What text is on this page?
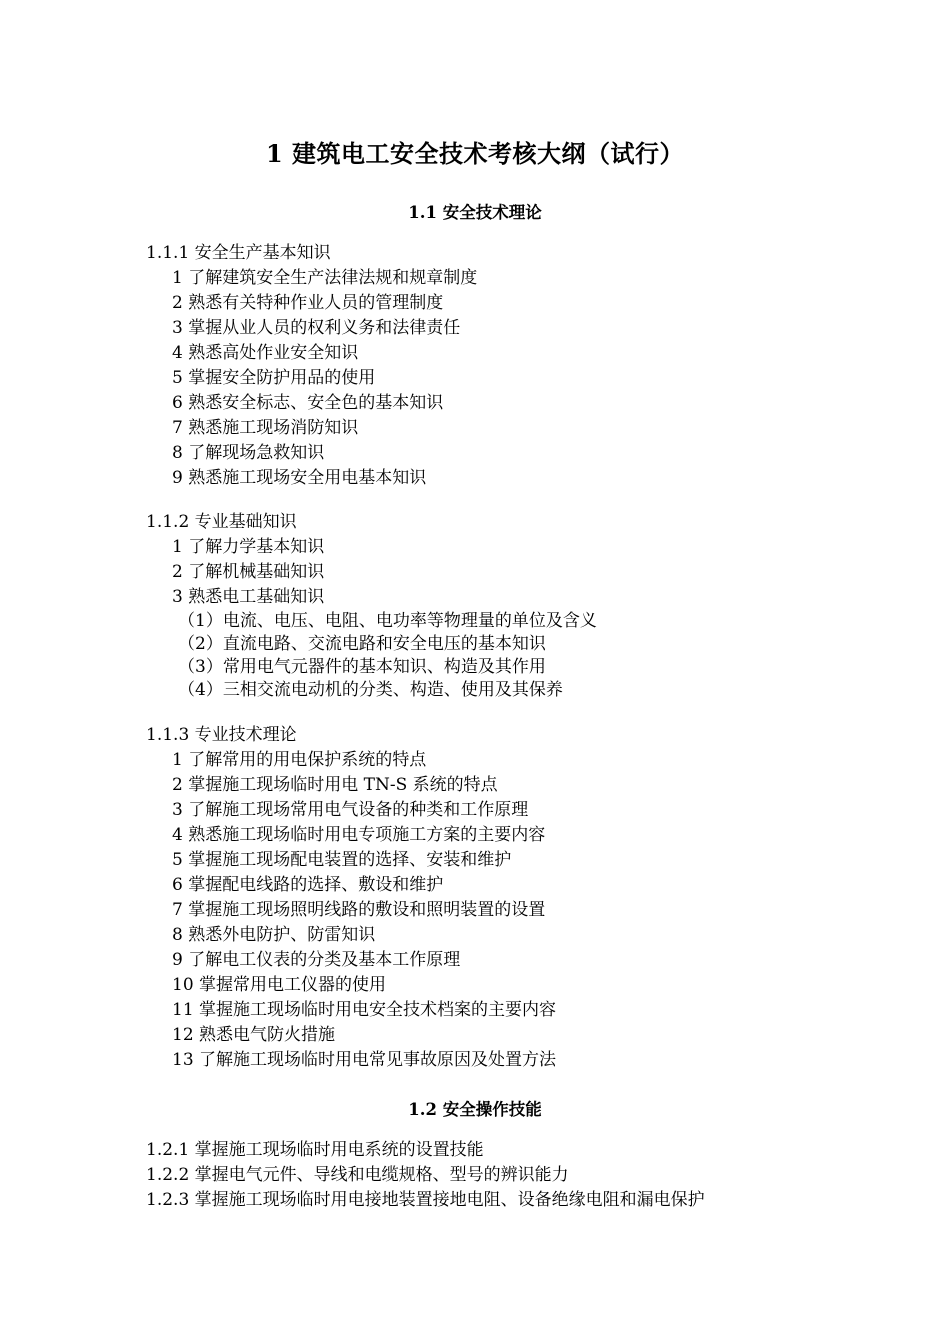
1 建筑电工安全技术考核大纲（试行）
1.1 安全技术理论
1.1.1 安全生产基本知识
1 了解建筑安全生产法律法规和规章制度
2 熟悉有关特种作业人员的管理制度
3 掌握从业人员的权利义务和法律责任
4 熟悉高处作业安全知识
5 掌握安全防护用品的使用
6 熟悉安全标志、安全色的基本知识
7 熟悉施工现场消防知识
8 了解现场急救知识
9 熟悉施工现场安全用电基本知识
1.1.2 专业基础知识
1 了解力学基本知识
2 了解机械基础知识
3 熟悉电工基础知识
（1）电流、电压、电阻、电功率等物理量的单位及含义
（2）直流电路、交流电路和安全电压的基本知识
（3）常用电气元器件的基本知识、构造及其作用
（4）三相交流电动机的分类、构造、使用及其保养
1.1.3 专业技术理论
1 了解常用的用电保护系统的特点
2 掌握施工现场临时用电 TN-S 系统的特点
3 了解施工现场常用电气设备的种类和工作原理
4 熟悉施工现场临时用电专项施工方案的主要内容
5 掌握施工现场配电装置的选择、安装和维护
6 掌握配电线路的选择、敷设和维护
7 掌握施工现场照明线路的敷设和照明装置的设置
8 熟悉外电防护、防雷知识
9 了解电工仪表的分类及基本工作原理
10 掌握常用电工仪器的使用
11 掌握施工现场临时用电安全技术档案的主要内容
12 熟悉电气防火措施
13 了解施工现场临时用电常见事故原因及处置方法
1.2 安全操作技能
1.2.1 掌握施工现场临时用电系统的设置技能
1.2.2 掌握电气元件、导线和电缆规格、型号的辨识能力
1.2.3 掌握施工现场临时用电接地装置接地电阻、设备绝缘电阻和漏电保护
